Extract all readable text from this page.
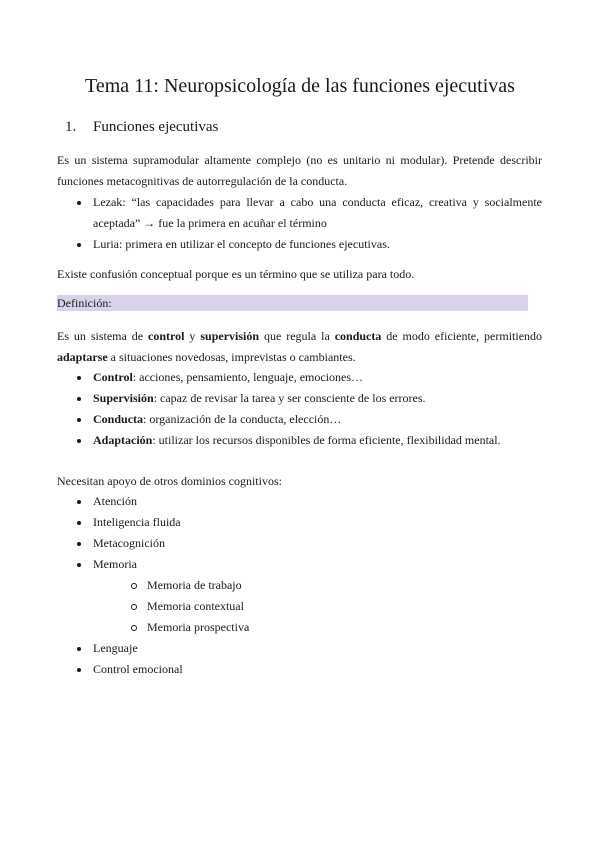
Tema 11: Neuropsicología de las funciones ejecutivas
1. Funciones ejecutivas
Es un sistema supramodular altamente complejo (no es unitario ni modular). Pretende describir funciones metacognitivas de autorregulación de la conducta.
Lezak: “las capacidades para llevar a cabo una conducta eficaz, creativa y socialmente aceptada” → fue la primera en acuñar el término
Luria: primera en utilizar el concepto de funciones ejecutivas.
Existe confusión conceptual porque es un término que se utiliza para todo.
Definición:
Es un sistema de control y supervisión que regula la conducta de modo eficiente, permitiendo adaptarse a situaciones novedosas, imprevistas o cambiantes.
Control: acciones, pensamiento, lenguaje, emociones…
Supervisión: capaz de revisar la tarea y ser consciente de los errores.
Conducta: organización de la conducta, elección…
Adaptación: utilizar los recursos disponibles de forma eficiente, flexibilidad mental.
Necesitan apoyo de otros dominios cognitivos:
Atención
Inteligencia fluida
Metacognición
Memoria
Memoria de trabajo
Memoria contextual
Memoria prospectiva
Lenguaje
Control emocional
